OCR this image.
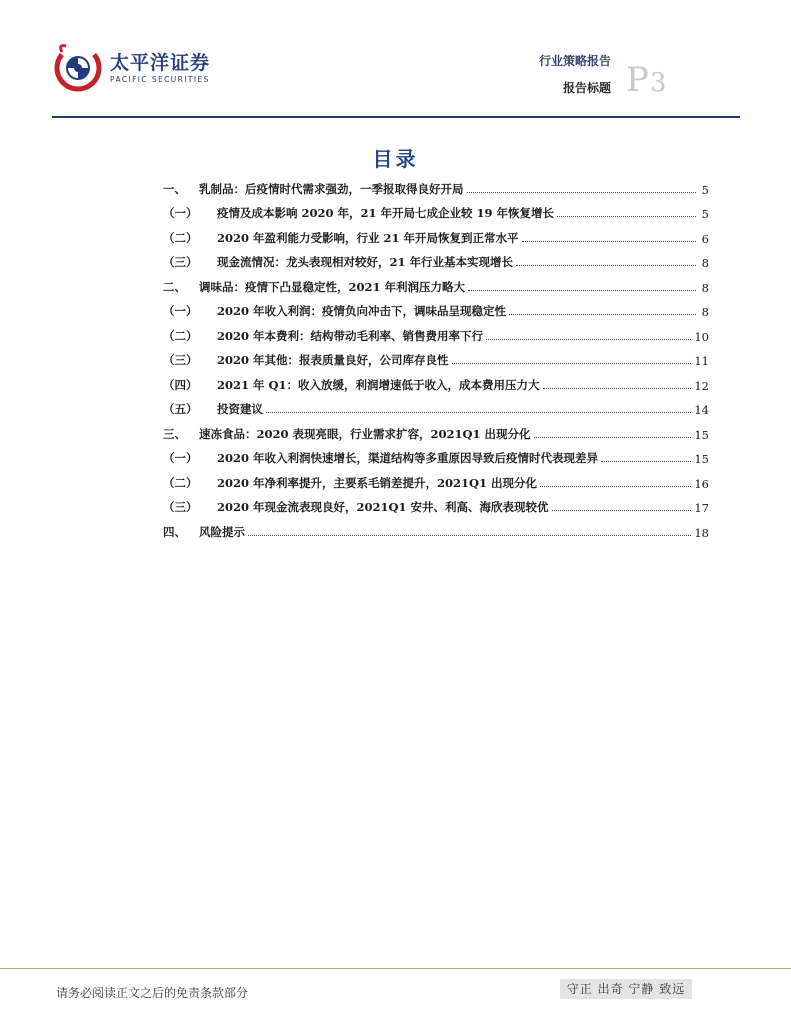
太平洋证券
PACIFIC SECURITIES
行业策略报告
报告标题 P3
目录
一、 乳制品：后疫情时代需求强劲，一季报取得良好开局	5
（一） 疫情及成本影响 2020 年，21 年开局七成企业较 19 年恢复增长	5
（二） 2020 年盈利能力受影响，行业 21 年开局恢复到正常水平	6
（三） 现金流情况：龙头表现相对较好，21 年行业基本实现增长	8
二、 调味品：疫情下凸显稳定性，2021 年利润压力略大	8
（一） 2020 年收入利润：疫情负向冲击下，调味品呈现稳定性	8
（二） 2020 年本费利：结构带动毛利率、销售费用率下行	10
（三） 2020 年其他：报表质量良好，公司库存良性	11
（四） 2021 年 Q1：收入放缓，利润增速低于收入，成本费用压力大	12
（五） 投资建议	14
三、 速冻食品：2020 表现亮眼，行业需求扩容，2021Q1 出现分化	15
（一） 2020 年收入利润快速增长，渠道结构等多重原因导致后疫情时代表现差异	15
（二） 2020 年净利率提升，主要系毛销差提升，2021Q1 出现分化	16
（三） 2020 年现金流表现良好，2021Q1 安井、利高、海欣表现较优	17
四、 风险提示	18
请务必阅读正文之后的免责条款部分	守正 出奇 宁静 致远
